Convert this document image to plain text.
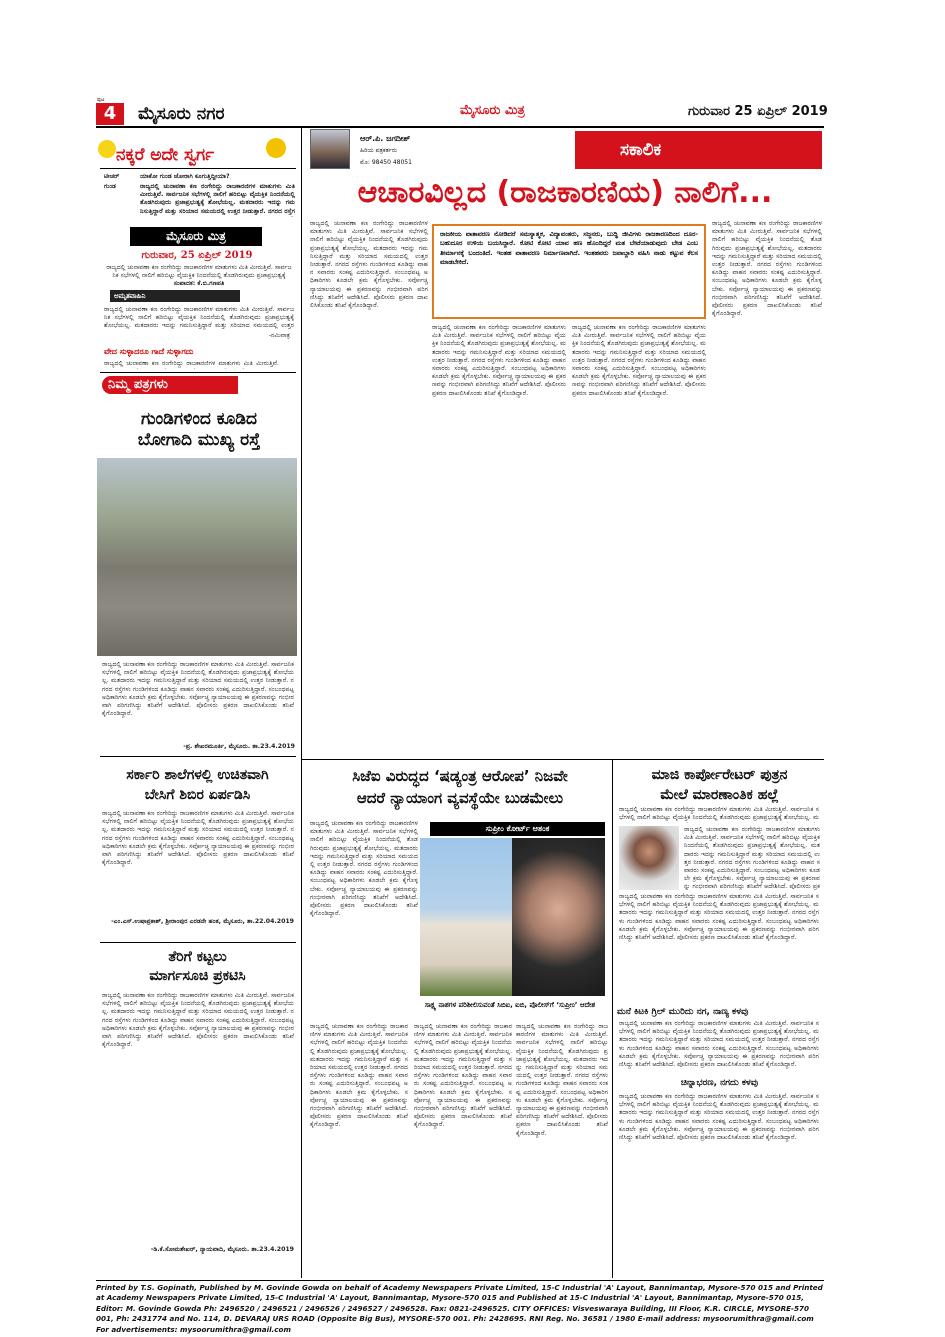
4
ಪುಟ
ಮೈಸೂರು ನಗರ	ಮೈಸೂರು ಮಿತ್ರ	ಗುರುವಾರ 25 ಏಪ್ರಿಲ್ 2019
ನಕ್ಕರೆ ಅದೇ ಸ್ವರ್ಗ
ಟೀಚರ್	ಯಾಕೋ ಗುಂಡ ಜೋರಾಗಿ ಕೂಗುತ್ತಿದ್ದೀಯಾ?
ಗುಂಡ	ರಾಜ್ಯದಲ್ಲಿ ಚುನಾವಣಾ ಕಣ ರಂಗೇರಿದ್ದು ರಾಜಕಾರಣಿಗಳ ಮಾತುಗಳು ಮಿತಿ ಮೀರುತ್ತಿವೆ. ಸಾರ್ವಜನಿಕ ಸಭೆಗಳಲ್ಲಿ ನಾಲಿಗೆ ಹರಿಬಿಟ್ಟು ವೈಯಕ್ತಿಕ ನಿಂದನೆಯಲ್ಲಿ ತೊಡಗಿರುವುದು ಪ್ರಜಾಪ್ರಭುತ್ವಕ್ಕೆ ಶೋಭೆಯಲ್ಲ. ಮತದಾರರು ಇದನ್ನು ಗಮನಿಸುತ್ತಿದ್ದಾರೆ ಮತ್ತು ಸರಿಯಾದ ಸಮಯದಲ್ಲಿ ಉತ್ತರ ನೀಡುತ್ತಾರೆ. ನಗರದ ರಸ್ತೆಗ
ಮೈಸೂರು ಮಿತ್ರ
ಗುರುವಾರ, 25 ಏಪ್ರಿಲ್ 2019
ರಾಜ್ಯದಲ್ಲಿ ಚುನಾವಣಾ ಕಣ ರಂಗೇರಿದ್ದು ರಾಜಕಾರಣಿಗಳ ಮಾತುಗಳು ಮಿತಿ ಮೀರುತ್ತಿವೆ. ಸಾರ್ವಜನಿಕ ಸಭೆಗಳಲ್ಲಿ ನಾಲಿಗೆ ಹರಿಬಿಟ್ಟು ವೈಯಕ್ತಿಕ ನಿಂದನೆಯಲ್ಲಿ ತೊಡಗಿರುವುದು ಪ್ರಜಾಪ್ರಭುತ್ವಕ್ಕೆ
ಸಂಪಾದಕ: ಕೆ.ಬಿ.ಗಣಪತಿ
ಅಮೃತವಾಹಿನಿ
ರಾಜ್ಯದಲ್ಲಿ ಚುನಾವಣಾ ಕಣ ರಂಗೇರಿದ್ದು ರಾಜಕಾರಣಿಗಳ ಮಾತುಗಳು ಮಿತಿ ಮೀರುತ್ತಿವೆ. ಸಾರ್ವಜನಿಕ ಸಭೆಗಳಲ್ಲಿ ನಾಲಿಗೆ ಹರಿಬಿಟ್ಟು ವೈಯಕ್ತಿಕ ನಿಂದನೆಯಲ್ಲಿ ತೊಡಗಿರುವುದು ಪ್ರಜಾಪ್ರಭುತ್ವಕ್ಕೆ ಶೋಭೆಯಲ್ಲ. ಮತದಾರರು ಇದನ್ನು ಗಮನಿಸುತ್ತಿದ್ದಾರೆ ಮತ್ತು ಸರಿಯಾದ ಸಮಯದಲ್ಲಿ ಉತ್ತರ
-ನಮಿವಾತ್ರ
ವೇದ ಸುಳ್ಳಾದರೂ ಗಾದೆ ಸುಳ್ಳಾಗದು
ರಾಜ್ಯದಲ್ಲಿ ಚುನಾವಣಾ ಕಣ ರಂಗೇರಿದ್ದು ರಾಜಕಾರಣಿಗಳ ಮಾತುಗಳು ಮಿತಿ ಮೀರುತ್ತಿವೆ.
ನಿಮ್ಮ ಪತ್ರಗಳು
ಗುಂಡಿಗಳಿಂದ ಕೂಡಿದ
ಬೋಗಾದಿ ಮುಖ್ಯ ರಸ್ತೆ
ರಾಜ್ಯದಲ್ಲಿ ಚುನಾವಣಾ ಕಣ ರಂಗೇರಿದ್ದು ರಾಜಕಾರಣಿಗಳ ಮಾತುಗಳು ಮಿತಿ ಮೀರುತ್ತಿವೆ. ಸಾರ್ವಜನಿಕ ಸಭೆಗಳಲ್ಲಿ ನಾಲಿಗೆ ಹರಿಬಿಟ್ಟು ವೈಯಕ್ತಿಕ ನಿಂದನೆಯಲ್ಲಿ ತೊಡಗಿರುವುದು ಪ್ರಜಾಪ್ರಭುತ್ವಕ್ಕೆ ಶೋಭೆಯಲ್ಲ. ಮತದಾರರು ಇದನ್ನು ಗಮನಿಸುತ್ತಿದ್ದಾರೆ ಮತ್ತು ಸರಿಯಾದ ಸಮಯದಲ್ಲಿ ಉತ್ತರ ನೀಡುತ್ತಾರೆ. ನಗರದ ರಸ್ತೆಗಳು ಗುಂಡಿಗಳಿಂದ ಕೂಡಿದ್ದು ವಾಹನ ಸವಾರರು ಸಂಕಷ್ಟ ಎದುರಿಸುತ್ತಿದ್ದಾರೆ. ಸಂಬಂಧಪಟ್ಟ ಅಧಿಕಾರಿಗಳು ಕೂಡಲೇ ಕ್ರಮ ಕೈಗೊಳ್ಳಬೇಕು. ಸರ್ವೋಚ್ಚ ನ್ಯಾಯಾಲಯವು ಈ ಪ್ರಕರಣವನ್ನು ಗಂಭೀರವಾಗಿ ಪರಿಗಣಿಸಿದ್ದು ತನಿಖೆಗೆ ಆದೇಶಿಸಿದೆ. ಪೊಲೀಸರು ಪ್ರಕರಣ ದಾಖಲಿಸಿಕೊಂಡು ತನಿಖೆ ಕೈಗೊಂಡಿದ್ದಾರೆ.
-ಪ್ರ. ಶೇಖರಮೂರ್ತಿ, ಮೈಸೂರು. ತಾ.23.4.2019
ಸರ್ಕಾರಿ ಶಾಲೆಗಳಲ್ಲಿ ಉಚಿತವಾಗಿ
ಬೇಸಿಗೆ ಶಿಬಿರ ಏರ್ಪಡಿಸಿ
ರಾಜ್ಯದಲ್ಲಿ ಚುನಾವಣಾ ಕಣ ರಂಗೇರಿದ್ದು ರಾಜಕಾರಣಿಗಳ ಮಾತುಗಳು ಮಿತಿ ಮೀರುತ್ತಿವೆ. ಸಾರ್ವಜನಿಕ ಸಭೆಗಳಲ್ಲಿ ನಾಲಿಗೆ ಹರಿಬಿಟ್ಟು ವೈಯಕ್ತಿಕ ನಿಂದನೆಯಲ್ಲಿ ತೊಡಗಿರುವುದು ಪ್ರಜಾಪ್ರಭುತ್ವಕ್ಕೆ ಶೋಭೆಯಲ್ಲ. ಮತದಾರರು ಇದನ್ನು ಗಮನಿಸುತ್ತಿದ್ದಾರೆ ಮತ್ತು ಸರಿಯಾದ ಸಮಯದಲ್ಲಿ ಉತ್ತರ ನೀಡುತ್ತಾರೆ. ನಗರದ ರಸ್ತೆಗಳು ಗುಂಡಿಗಳಿಂದ ಕೂಡಿದ್ದು ವಾಹನ ಸವಾರರು ಸಂಕಷ್ಟ ಎದುರಿಸುತ್ತಿದ್ದಾರೆ. ಸಂಬಂಧಪಟ್ಟ ಅಧಿಕಾರಿಗಳು ಕೂಡಲೇ ಕ್ರಮ ಕೈಗೊಳ್ಳಬೇಕು. ಸರ್ವೋಚ್ಚ ನ್ಯಾಯಾಲಯವು ಈ ಪ್ರಕರಣವನ್ನು ಗಂಭೀರವಾಗಿ ಪರಿಗಣಿಸಿದ್ದು ತನಿಖೆಗೆ ಆದೇಶಿಸಿದೆ. ಪೊಲೀಸರು ಪ್ರಕರಣ ದಾಖಲಿಸಿಕೊಂಡು ತನಿಖೆ ಕೈಗೊಂಡಿದ್ದಾರೆ.
-ಎಂ.ಎಸ್.ಉಷಾಪ್ರಕಾಶ್, ಶ್ರೀರಾಂಪುರ ಎರಡನೇ ಹಂತ, ಮೈಸೂರು, ತಾ.22.04.2019
ತೆರಿಗೆ ಕಟ್ಟಲು
ಮಾರ್ಗಸೂಚಿ ಪ್ರಕಟಿಸಿ
ರಾಜ್ಯದಲ್ಲಿ ಚುನಾವಣಾ ಕಣ ರಂಗೇರಿದ್ದು ರಾಜಕಾರಣಿಗಳ ಮಾತುಗಳು ಮಿತಿ ಮೀರುತ್ತಿವೆ. ಸಾರ್ವಜನಿಕ ಸಭೆಗಳಲ್ಲಿ ನಾಲಿಗೆ ಹರಿಬಿಟ್ಟು ವೈಯಕ್ತಿಕ ನಿಂದನೆಯಲ್ಲಿ ತೊಡಗಿರುವುದು ಪ್ರಜಾಪ್ರಭುತ್ವಕ್ಕೆ ಶೋಭೆಯಲ್ಲ. ಮತದಾರರು ಇದನ್ನು ಗಮನಿಸುತ್ತಿದ್ದಾರೆ ಮತ್ತು ಸರಿಯಾದ ಸಮಯದಲ್ಲಿ ಉತ್ತರ ನೀಡುತ್ತಾರೆ. ನಗರದ ರಸ್ತೆಗಳು ಗುಂಡಿಗಳಿಂದ ಕೂಡಿದ್ದು ವಾಹನ ಸವಾರರು ಸಂಕಷ್ಟ ಎದುರಿಸುತ್ತಿದ್ದಾರೆ. ಸಂಬಂಧಪಟ್ಟ ಅಧಿಕಾರಿಗಳು ಕೂಡಲೇ ಕ್ರಮ ಕೈಗೊಳ್ಳಬೇಕು. ಸರ್ವೋಚ್ಚ ನ್ಯಾಯಾಲಯವು ಈ ಪ್ರಕರಣವನ್ನು ಗಂಭೀರವಾಗಿ ಪರಿಗಣಿಸಿದ್ದು ತನಿಖೆಗೆ ಆದೇಶಿಸಿದೆ. ಪೊಲೀಸರು ಪ್ರಕರಣ ದಾಖಲಿಸಿಕೊಂಡು ತನಿಖೆ ಕೈಗೊಂಡಿದ್ದಾರೆ.
-ಡಿ.ಕೆ.ಸೋಮಶೇಖರ್, ನ್ಯಾಯವಾದಿ, ಮೈಸೂರು. ತಾ.23.4.2019
ಆರ್.ಪಿ. ಜಗದೀಶ್
ಹಿರಿಯ ಪತ್ರಕರ್ತರು
ಮೊ: 98450 48051
ಸಕಾಲಿಕ
ಆಚಾರವಿಲ್ಲದ (ರಾಜಕಾರಣಿಯ) ನಾಲಿಗೆ...
ರಾಜ್ಯದಲ್ಲಿ ಚುನಾವಣಾ ಕಣ ರಂಗೇರಿದ್ದು ರಾಜಕಾರಣಿಗಳ ಮಾತುಗಳು ಮಿತಿ ಮೀರುತ್ತಿವೆ. ಸಾರ್ವಜನಿಕ ಸಭೆಗಳಲ್ಲಿ ನಾಲಿಗೆ ಹರಿಬಿಟ್ಟು ವೈಯಕ್ತಿಕ ನಿಂದನೆಯಲ್ಲಿ ತೊಡಗಿರುವುದು ಪ್ರಜಾಪ್ರಭುತ್ವಕ್ಕೆ ಶೋಭೆಯಲ್ಲ. ಮತದಾರರು ಇದನ್ನು ಗಮನಿಸುತ್ತಿದ್ದಾರೆ ಮತ್ತು ಸರಿಯಾದ ಸಮಯದಲ್ಲಿ ಉತ್ತರ ನೀಡುತ್ತಾರೆ. ನಗರದ ರಸ್ತೆಗಳು ಗುಂಡಿಗಳಿಂದ ಕೂಡಿದ್ದು ವಾಹನ ಸವಾರರು ಸಂಕಷ್ಟ ಎದುರಿಸುತ್ತಿದ್ದಾರೆ. ಸಂಬಂಧಪಟ್ಟ ಅಧಿಕಾರಿಗಳು ಕೂಡಲೇ ಕ್ರಮ ಕೈಗೊಳ್ಳಬೇಕು. ಸರ್ವೋಚ್ಚ ನ್ಯಾಯಾಲಯವು ಈ ಪ್ರಕರಣವನ್ನು ಗಂಭೀರವಾಗಿ ಪರಿಗಣಿಸಿದ್ದು ತನಿಖೆಗೆ ಆದೇಶಿಸಿದೆ. ಪೊಲೀಸರು ಪ್ರಕರಣ ದಾಖಲಿಸಿಕೊಂಡು ತನಿಖೆ ಕೈಗೊಂಡಿದ್ದಾರೆ.
ರಾಜಕೀಯ ವಾತಾವರಣ ನೋಡಿದರೆ ಸಮಸ್ಯಾತ್ಮಕ, ವಿದ್ಯಾವಂತರು, ಸಜ್ಜನರು, ಬುದ್ಧಿ ಜೀವಿಗಳು ರಾಜಕಾರಣದಿಂದ ದೂರ-ಬಹುದೂರ ಉಳಿಯ ಬಯಸಿದ್ದಾರೆ. ಕೋಟಿ ಕೋಟಿ ಯಾವ ಹಣ ಹೊಂದಿದ್ದರೆ ಮತ ಬೇಟೆಯಾಡುವುದು ಬೇಡ ಎಂಬ ತೀರ್ಮಾನಕ್ಕೆ ಬಂದಂತಿದೆ. ಇಂತಹ ವಾತಾವರಣ ನಿರ್ಮಾಣವಾಗಿದೆ. ಇಂತಹವರು ಜವಾಬ್ದಾರಿ ವಹಿಸಿ ನಾಡು ಕಟ್ಟುವ ಕೆಲಸ ಮಾಡಬೇಕಿದೆ.
ರಾಜ್ಯದಲ್ಲಿ ಚುನಾವಣಾ ಕಣ ರಂಗೇರಿದ್ದು ರಾಜಕಾರಣಿಗಳ ಮಾತುಗಳು ಮಿತಿ ಮೀರುತ್ತಿವೆ. ಸಾರ್ವಜನಿಕ ಸಭೆಗಳಲ್ಲಿ ನಾಲಿಗೆ ಹರಿಬಿಟ್ಟು ವೈಯಕ್ತಿಕ ನಿಂದನೆಯಲ್ಲಿ ತೊಡಗಿರುವುದು ಪ್ರಜಾಪ್ರಭುತ್ವಕ್ಕೆ ಶೋಭೆಯಲ್ಲ. ಮತದಾರರು ಇದನ್ನು ಗಮನಿಸುತ್ತಿದ್ದಾರೆ ಮತ್ತು ಸರಿಯಾದ ಸಮಯದಲ್ಲಿ ಉತ್ತರ ನೀಡುತ್ತಾರೆ. ನಗರದ ರಸ್ತೆಗಳು ಗುಂಡಿಗಳಿಂದ ಕೂಡಿದ್ದು ವಾಹನ ಸವಾರರು ಸಂಕಷ್ಟ ಎದುರಿಸುತ್ತಿದ್ದಾರೆ. ಸಂಬಂಧಪಟ್ಟ ಅಧಿಕಾರಿಗಳು ಕೂಡಲೇ ಕ್ರಮ ಕೈಗೊಳ್ಳಬೇಕು. ಸರ್ವೋಚ್ಚ ನ್ಯಾಯಾಲಯವು ಈ ಪ್ರಕರಣವನ್ನು ಗಂಭೀರವಾಗಿ ಪರಿಗಣಿಸಿದ್ದು ತನಿಖೆಗೆ ಆದೇಶಿಸಿದೆ. ಪೊಲೀಸರು ಪ್ರಕರಣ ದಾಖಲಿಸಿಕೊಂಡು ತನಿಖೆ ಕೈಗೊಂಡಿದ್ದಾರೆ.
ರಾಜ್ಯದಲ್ಲಿ ಚುನಾವಣಾ ಕಣ ರಂಗೇರಿದ್ದು ರಾಜಕಾರಣಿಗಳ ಮಾತುಗಳು ಮಿತಿ ಮೀರುತ್ತಿವೆ. ಸಾರ್ವಜನಿಕ ಸಭೆಗಳಲ್ಲಿ ನಾಲಿಗೆ ಹರಿಬಿಟ್ಟು ವೈಯಕ್ತಿಕ ನಿಂದನೆಯಲ್ಲಿ ತೊಡಗಿರುವುದು ಪ್ರಜಾಪ್ರಭುತ್ವಕ್ಕೆ ಶೋಭೆಯಲ್ಲ. ಮತದಾರರು ಇದನ್ನು ಗಮನಿಸುತ್ತಿದ್ದಾರೆ ಮತ್ತು ಸರಿಯಾದ ಸಮಯದಲ್ಲಿ ಉತ್ತರ ನೀಡುತ್ತಾರೆ. ನಗರದ ರಸ್ತೆಗಳು ಗುಂಡಿಗಳಿಂದ ಕೂಡಿದ್ದು ವಾಹನ ಸವಾರರು ಸಂಕಷ್ಟ ಎದುರಿಸುತ್ತಿದ್ದಾರೆ. ಸಂಬಂಧಪಟ್ಟ ಅಧಿಕಾರಿಗಳು ಕೂಡಲೇ ಕ್ರಮ ಕೈಗೊಳ್ಳಬೇಕು. ಸರ್ವೋಚ್ಚ ನ್ಯಾಯಾಲಯವು ಈ ಪ್ರಕರಣವನ್ನು ಗಂಭೀರವಾಗಿ ಪರಿಗಣಿಸಿದ್ದು ತನಿಖೆಗೆ ಆದೇಶಿಸಿದೆ. ಪೊಲೀಸರು ಪ್ರಕರಣ ದಾಖಲಿಸಿಕೊಂಡು ತನಿಖೆ ಕೈಗೊಂಡಿದ್ದಾರೆ.
ರಾಜ್ಯದಲ್ಲಿ ಚುನಾವಣಾ ಕಣ ರಂಗೇರಿದ್ದು ರಾಜಕಾರಣಿಗಳ ಮಾತುಗಳು ಮಿತಿ ಮೀರುತ್ತಿವೆ. ಸಾರ್ವಜನಿಕ ಸಭೆಗಳಲ್ಲಿ ನಾಲಿಗೆ ಹರಿಬಿಟ್ಟು ವೈಯಕ್ತಿಕ ನಿಂದನೆಯಲ್ಲಿ ತೊಡಗಿರುವುದು ಪ್ರಜಾಪ್ರಭುತ್ವಕ್ಕೆ ಶೋಭೆಯಲ್ಲ. ಮತದಾರರು ಇದನ್ನು ಗಮನಿಸುತ್ತಿದ್ದಾರೆ ಮತ್ತು ಸರಿಯಾದ ಸಮಯದಲ್ಲಿ ಉತ್ತರ ನೀಡುತ್ತಾರೆ. ನಗರದ ರಸ್ತೆಗಳು ಗುಂಡಿಗಳಿಂದ ಕೂಡಿದ್ದು ವಾಹನ ಸವಾರರು ಸಂಕಷ್ಟ ಎದುರಿಸುತ್ತಿದ್ದಾರೆ. ಸಂಬಂಧಪಟ್ಟ ಅಧಿಕಾರಿಗಳು ಕೂಡಲೇ ಕ್ರಮ ಕೈಗೊಳ್ಳಬೇಕು. ಸರ್ವೋಚ್ಚ ನ್ಯಾಯಾಲಯವು ಈ ಪ್ರಕರಣವನ್ನು ಗಂಭೀರವಾಗಿ ಪರಿಗಣಿಸಿದ್ದು ತನಿಖೆಗೆ ಆದೇಶಿಸಿದೆ. ಪೊಲೀಸರು ಪ್ರಕರಣ ದಾಖಲಿಸಿಕೊಂಡು ತನಿಖೆ ಕೈಗೊಂಡಿದ್ದಾರೆ.
ಸಿಜೆಐ ವಿರುದ್ಧದ ‘ಷಡ್ಯಂತ್ರ ಆರೋಪ’ ನಿಜವೇ
ಆದರೆ ನ್ಯಾಯಾಂಗ ವ್ಯವಸ್ಥೆಯೇ ಬುಡಮೇಲು
ರಾಜ್ಯದಲ್ಲಿ ಚುನಾವಣಾ ಕಣ ರಂಗೇರಿದ್ದು ರಾಜಕಾರಣಿಗಳ ಮಾತುಗಳು ಮಿತಿ ಮೀರುತ್ತಿವೆ. ಸಾರ್ವಜನಿಕ ಸಭೆಗಳಲ್ಲಿ ನಾಲಿಗೆ ಹರಿಬಿಟ್ಟು ವೈಯಕ್ತಿಕ ನಿಂದನೆಯಲ್ಲಿ ತೊಡಗಿರುವುದು ಪ್ರಜಾಪ್ರಭುತ್ವಕ್ಕೆ ಶೋಭೆಯಲ್ಲ. ಮತದಾರರು ಇದನ್ನು ಗಮನಿಸುತ್ತಿದ್ದಾರೆ ಮತ್ತು ಸರಿಯಾದ ಸಮಯದಲ್ಲಿ ಉತ್ತರ ನೀಡುತ್ತಾರೆ. ನಗರದ ರಸ್ತೆಗಳು ಗುಂಡಿಗಳಿಂದ ಕೂಡಿದ್ದು ವಾಹನ ಸವಾರರು ಸಂಕಷ್ಟ ಎದುರಿಸುತ್ತಿದ್ದಾರೆ. ಸಂಬಂಧಪಟ್ಟ ಅಧಿಕಾರಿಗಳು ಕೂಡಲೇ ಕ್ರಮ ಕೈಗೊಳ್ಳಬೇಕು. ಸರ್ವೋಚ್ಚ ನ್ಯಾಯಾಲಯವು ಈ ಪ್ರಕರಣವನ್ನು ಗಂಭೀರವಾಗಿ ಪರಿಗಣಿಸಿದ್ದು ತನಿಖೆಗೆ ಆದೇಶಿಸಿದೆ. ಪೊಲೀಸರು ಪ್ರಕರಣ ದಾಖಲಿಸಿಕೊಂಡು ತನಿಖೆ ಕೈಗೊಂಡಿದ್ದಾರೆ.
ಸುಪ್ರೀಂ ಕೋರ್ಟ್ ಆತಂಕ
ಸಾಕ್ಷ್ಯ ನಾಶಗಳ ಪರಿಶೀಲಿಸುವಂತೆ ಸಿಬಿಐ, ಐಬಿ, ಪೊಲೀಸ್‌ಗೆ ‘ಸುಪ್ರೀಂ’ ಆದೇಶ
ರಾಜ್ಯದಲ್ಲಿ ಚುನಾವಣಾ ಕಣ ರಂಗೇರಿದ್ದು ರಾಜಕಾರಣಿಗಳ ಮಾತುಗಳು ಮಿತಿ ಮೀರುತ್ತಿವೆ. ಸಾರ್ವಜನಿಕ ಸಭೆಗಳಲ್ಲಿ ನಾಲಿಗೆ ಹರಿಬಿಟ್ಟು ವೈಯಕ್ತಿಕ ನಿಂದನೆಯಲ್ಲಿ ತೊಡಗಿರುವುದು ಪ್ರಜಾಪ್ರಭುತ್ವಕ್ಕೆ ಶೋಭೆಯಲ್ಲ. ಮತದಾರರು ಇದನ್ನು ಗಮನಿಸುತ್ತಿದ್ದಾರೆ ಮತ್ತು ಸರಿಯಾದ ಸಮಯದಲ್ಲಿ ಉತ್ತರ ನೀಡುತ್ತಾರೆ. ನಗರದ ರಸ್ತೆಗಳು ಗುಂಡಿಗಳಿಂದ ಕೂಡಿದ್ದು ವಾಹನ ಸವಾರರು ಸಂಕಷ್ಟ ಎದುರಿಸುತ್ತಿದ್ದಾರೆ. ಸಂಬಂಧಪಟ್ಟ ಅಧಿಕಾರಿಗಳು ಕೂಡಲೇ ಕ್ರಮ ಕೈಗೊಳ್ಳಬೇಕು. ಸರ್ವೋಚ್ಚ ನ್ಯಾಯಾಲಯವು ಈ ಪ್ರಕರಣವನ್ನು ಗಂಭೀರವಾಗಿ ಪರಿಗಣಿಸಿದ್ದು ತನಿಖೆಗೆ ಆದೇಶಿಸಿದೆ. ಪೊಲೀಸರು ಪ್ರಕರಣ ದಾಖಲಿಸಿಕೊಂಡು ತನಿಖೆ ಕೈಗೊಂಡಿದ್ದಾರೆ.
ರಾಜ್ಯದಲ್ಲಿ ಚುನಾವಣಾ ಕಣ ರಂಗೇರಿದ್ದು ರಾಜಕಾರಣಿಗಳ ಮಾತುಗಳು ಮಿತಿ ಮೀರುತ್ತಿವೆ. ಸಾರ್ವಜನಿಕ ಸಭೆಗಳಲ್ಲಿ ನಾಲಿಗೆ ಹರಿಬಿಟ್ಟು ವೈಯಕ್ತಿಕ ನಿಂದನೆಯಲ್ಲಿ ತೊಡಗಿರುವುದು ಪ್ರಜಾಪ್ರಭುತ್ವಕ್ಕೆ ಶೋಭೆಯಲ್ಲ. ಮತದಾರರು ಇದನ್ನು ಗಮನಿಸುತ್ತಿದ್ದಾರೆ ಮತ್ತು ಸರಿಯಾದ ಸಮಯದಲ್ಲಿ ಉತ್ತರ ನೀಡುತ್ತಾರೆ. ನಗರದ ರಸ್ತೆಗಳು ಗುಂಡಿಗಳಿಂದ ಕೂಡಿದ್ದು ವಾಹನ ಸವಾರರು ಸಂಕಷ್ಟ ಎದುರಿಸುತ್ತಿದ್ದಾರೆ. ಸಂಬಂಧಪಟ್ಟ ಅಧಿಕಾರಿಗಳು ಕೂಡಲೇ ಕ್ರಮ ಕೈಗೊಳ್ಳಬೇಕು. ಸರ್ವೋಚ್ಚ ನ್ಯಾಯಾಲಯವು ಈ ಪ್ರಕರಣವನ್ನು ಗಂಭೀರವಾಗಿ ಪರಿಗಣಿಸಿದ್ದು ತನಿಖೆಗೆ ಆದೇಶಿಸಿದೆ. ಪೊಲೀಸರು ಪ್ರಕರಣ ದಾಖಲಿಸಿಕೊಂಡು ತನಿಖೆ ಕೈಗೊಂಡಿದ್ದಾರೆ.
ರಾಜ್ಯದಲ್ಲಿ ಚುನಾವಣಾ ಕಣ ರಂಗೇರಿದ್ದು ರಾಜಕಾರಣಿಗಳ ಮಾತುಗಳು ಮಿತಿ ಮೀರುತ್ತಿವೆ. ಸಾರ್ವಜನಿಕ ಸಭೆಗಳಲ್ಲಿ ನಾಲಿಗೆ ಹರಿಬಿಟ್ಟು ವೈಯಕ್ತಿಕ ನಿಂದನೆಯಲ್ಲಿ ತೊಡಗಿರುವುದು ಪ್ರಜಾಪ್ರಭುತ್ವಕ್ಕೆ ಶೋಭೆಯಲ್ಲ. ಮತದಾರರು ಇದನ್ನು ಗಮನಿಸುತ್ತಿದ್ದಾರೆ ಮತ್ತು ಸರಿಯಾದ ಸಮಯದಲ್ಲಿ ಉತ್ತರ ನೀಡುತ್ತಾರೆ. ನಗರದ ರಸ್ತೆಗಳು ಗುಂಡಿಗಳಿಂದ ಕೂಡಿದ್ದು ವಾಹನ ಸವಾರರು ಸಂಕಷ್ಟ ಎದುರಿಸುತ್ತಿದ್ದಾರೆ. ಸಂಬಂಧಪಟ್ಟ ಅಧಿಕಾರಿಗಳು ಕೂಡಲೇ ಕ್ರಮ ಕೈಗೊಳ್ಳಬೇಕು. ಸರ್ವೋಚ್ಚ ನ್ಯಾಯಾಲಯವು ಈ ಪ್ರಕರಣವನ್ನು ಗಂಭೀರವಾಗಿ ಪರಿಗಣಿಸಿದ್ದು ತನಿಖೆಗೆ ಆದೇಶಿಸಿದೆ. ಪೊಲೀಸರು ಪ್ರಕರಣ ದಾಖಲಿಸಿಕೊಂಡು ತನಿಖೆ ಕೈಗೊಂಡಿದ್ದಾರೆ.
ಮಾಜಿ ಕಾರ್ಪೋರೇಟರ್ ಪುತ್ರನ
ಮೇಲೆ ಮಾರಣಾಂತಿಕ ಹಲ್ಲೆ
ರಾಜ್ಯದಲ್ಲಿ ಚುನಾವಣಾ ಕಣ ರಂಗೇರಿದ್ದು ರಾಜಕಾರಣಿಗಳ ಮಾತುಗಳು ಮಿತಿ ಮೀರುತ್ತಿವೆ. ಸಾರ್ವಜನಿಕ ಸಭೆಗಳಲ್ಲಿ ನಾಲಿಗೆ ಹರಿಬಿಟ್ಟು ವೈಯಕ್ತಿಕ ನಿಂದನೆಯಲ್ಲಿ ತೊಡಗಿರುವುದು ಪ್ರಜಾಪ್ರಭುತ್ವಕ್ಕೆ ಶೋಭೆಯಲ್ಲ. ಮ
ರಾಜ್ಯದಲ್ಲಿ ಚುನಾವಣಾ ಕಣ ರಂಗೇರಿದ್ದು ರಾಜಕಾರಣಿಗಳ ಮಾತುಗಳು ಮಿತಿ ಮೀರುತ್ತಿವೆ. ಸಾರ್ವಜನಿಕ ಸಭೆಗಳಲ್ಲಿ ನಾಲಿಗೆ ಹರಿಬಿಟ್ಟು ವೈಯಕ್ತಿಕ ನಿಂದನೆಯಲ್ಲಿ ತೊಡಗಿರುವುದು ಪ್ರಜಾಪ್ರಭುತ್ವಕ್ಕೆ ಶೋಭೆಯಲ್ಲ. ಮತದಾರರು ಇದನ್ನು ಗಮನಿಸುತ್ತಿದ್ದಾರೆ ಮತ್ತು ಸರಿಯಾದ ಸಮಯದಲ್ಲಿ ಉತ್ತರ ನೀಡುತ್ತಾರೆ. ನಗರದ ರಸ್ತೆಗಳು ಗುಂಡಿಗಳಿಂದ ಕೂಡಿದ್ದು ವಾಹನ ಸವಾರರು ಸಂಕಷ್ಟ ಎದುರಿಸುತ್ತಿದ್ದಾರೆ. ಸಂಬಂಧಪಟ್ಟ ಅಧಿಕಾರಿಗಳು ಕೂಡಲೇ ಕ್ರಮ ಕೈಗೊಳ್ಳಬೇಕು. ಸರ್ವೋಚ್ಚ ನ್ಯಾಯಾಲಯವು ಈ ಪ್ರಕರಣವನ್ನು ಗಂಭೀರವಾಗಿ ಪರಿಗಣಿಸಿದ್ದು ತನಿಖೆಗೆ ಆದೇಶಿಸಿದೆ. ಪೊಲೀಸರು ಪ್ರಕ
ರಾಜ್ಯದಲ್ಲಿ ಚುನಾವಣಾ ಕಣ ರಂಗೇರಿದ್ದು ರಾಜಕಾರಣಿಗಳ ಮಾತುಗಳು ಮಿತಿ ಮೀರುತ್ತಿವೆ. ಸಾರ್ವಜನಿಕ ಸಭೆಗಳಲ್ಲಿ ನಾಲಿಗೆ ಹರಿಬಿಟ್ಟು ವೈಯಕ್ತಿಕ ನಿಂದನೆಯಲ್ಲಿ ತೊಡಗಿರುವುದು ಪ್ರಜಾಪ್ರಭುತ್ವಕ್ಕೆ ಶೋಭೆಯಲ್ಲ. ಮತದಾರರು ಇದನ್ನು ಗಮನಿಸುತ್ತಿದ್ದಾರೆ ಮತ್ತು ಸರಿಯಾದ ಸಮಯದಲ್ಲಿ ಉತ್ತರ ನೀಡುತ್ತಾರೆ. ನಗರದ ರಸ್ತೆಗಳು ಗುಂಡಿಗಳಿಂದ ಕೂಡಿದ್ದು ವಾಹನ ಸವಾರರು ಸಂಕಷ್ಟ ಎದುರಿಸುತ್ತಿದ್ದಾರೆ. ಸಂಬಂಧಪಟ್ಟ ಅಧಿಕಾರಿಗಳು ಕೂಡಲೇ ಕ್ರಮ ಕೈಗೊಳ್ಳಬೇಕು. ಸರ್ವೋಚ್ಚ ನ್ಯಾಯಾಲಯವು ಈ ಪ್ರಕರಣವನ್ನು ಗಂಭೀರವಾಗಿ ಪರಿಗಣಿಸಿದ್ದು ತನಿಖೆಗೆ ಆದೇಶಿಸಿದೆ. ಪೊಲೀಸರು ಪ್ರಕರಣ ದಾಖಲಿಸಿಕೊಂಡು ತನಿಖೆ ಕೈಗೊಂಡಿದ್ದಾರೆ.
ಮನೆ ಕಿಟಕಿ ಗ್ರಿಲ್ ಮುರಿದು ನಗ, ನಾಣ್ಯ ಕಳವು
ರಾಜ್ಯದಲ್ಲಿ ಚುನಾವಣಾ ಕಣ ರಂಗೇರಿದ್ದು ರಾಜಕಾರಣಿಗಳ ಮಾತುಗಳು ಮಿತಿ ಮೀರುತ್ತಿವೆ. ಸಾರ್ವಜನಿಕ ಸಭೆಗಳಲ್ಲಿ ನಾಲಿಗೆ ಹರಿಬಿಟ್ಟು ವೈಯಕ್ತಿಕ ನಿಂದನೆಯಲ್ಲಿ ತೊಡಗಿರುವುದು ಪ್ರಜಾಪ್ರಭುತ್ವಕ್ಕೆ ಶೋಭೆಯಲ್ಲ. ಮತದಾರರು ಇದನ್ನು ಗಮನಿಸುತ್ತಿದ್ದಾರೆ ಮತ್ತು ಸರಿಯಾದ ಸಮಯದಲ್ಲಿ ಉತ್ತರ ನೀಡುತ್ತಾರೆ. ನಗರದ ರಸ್ತೆಗಳು ಗುಂಡಿಗಳಿಂದ ಕೂಡಿದ್ದು ವಾಹನ ಸವಾರರು ಸಂಕಷ್ಟ ಎದುರಿಸುತ್ತಿದ್ದಾರೆ. ಸಂಬಂಧಪಟ್ಟ ಅಧಿಕಾರಿಗಳು ಕೂಡಲೇ ಕ್ರಮ ಕೈಗೊಳ್ಳಬೇಕು. ಸರ್ವೋಚ್ಚ ನ್ಯಾಯಾಲಯವು ಈ ಪ್ರಕರಣವನ್ನು ಗಂಭೀರವಾಗಿ ಪರಿಗಣಿಸಿದ್ದು ತನಿಖೆಗೆ ಆದೇಶಿಸಿದೆ. ಪೊಲೀಸರು ಪ್ರಕರಣ ದಾಖಲಿಸಿಕೊಂಡು ತನಿಖೆ ಕೈಗೊಂಡಿದ್ದಾರೆ.
ಚಿನ್ನಾಭರಣ, ನಗದು ಕಳವು
ರಾಜ್ಯದಲ್ಲಿ ಚುನಾವಣಾ ಕಣ ರಂಗೇರಿದ್ದು ರಾಜಕಾರಣಿಗಳ ಮಾತುಗಳು ಮಿತಿ ಮೀರುತ್ತಿವೆ. ಸಾರ್ವಜನಿಕ ಸಭೆಗಳಲ್ಲಿ ನಾಲಿಗೆ ಹರಿಬಿಟ್ಟು ವೈಯಕ್ತಿಕ ನಿಂದನೆಯಲ್ಲಿ ತೊಡಗಿರುವುದು ಪ್ರಜಾಪ್ರಭುತ್ವಕ್ಕೆ ಶೋಭೆಯಲ್ಲ. ಮತದಾರರು ಇದನ್ನು ಗಮನಿಸುತ್ತಿದ್ದಾರೆ ಮತ್ತು ಸರಿಯಾದ ಸಮಯದಲ್ಲಿ ಉತ್ತರ ನೀಡುತ್ತಾರೆ. ನಗರದ ರಸ್ತೆಗಳು ಗುಂಡಿಗಳಿಂದ ಕೂಡಿದ್ದು ವಾಹನ ಸವಾರರು ಸಂಕಷ್ಟ ಎದುರಿಸುತ್ತಿದ್ದಾರೆ. ಸಂಬಂಧಪಟ್ಟ ಅಧಿಕಾರಿಗಳು ಕೂಡಲೇ ಕ್ರಮ ಕೈಗೊಳ್ಳಬೇಕು. ಸರ್ವೋಚ್ಚ ನ್ಯಾಯಾಲಯವು ಈ ಪ್ರಕರಣವನ್ನು ಗಂಭೀರವಾಗಿ ಪರಿಗಣಿಸಿದ್ದು ತನಿಖೆಗೆ ಆದೇಶಿಸಿದೆ. ಪೊಲೀಸರು ಪ್ರಕರಣ ದಾಖಲಿಸಿಕೊಂಡು ತನಿಖೆ ಕೈಗೊಂಡಿದ್ದಾರೆ.
Printed by T.S. Gopinath, Published by M. Govinde Gowda on behalf of Academy Newspapers Private Limited, 15-C Industrial 'A' Layout, Bannimantap, Mysore-570 015 and Printed at Academy Newspapers Private Limited, 15-C Industrial 'A' Layout, Bannimantap, Mysore-570 015 and Published at 15-C Industrial 'A' Layout, Bannimantap, Mysore-570 015, Editor: M. Govinde Gowda Ph: 2496520 / 2496521 / 2496526 / 2496527 / 2496528. Fax: 0821-2496525. CITY OFFICES: Visveswaraya Building, III Floor, K.R. CIRCLE, MYSORE-570 001, Ph: 2431774 and No. 114, D. DEVARAJ URS ROAD (Opposite Big Bus), MYSORE-570 001. Ph: 2428695. RNI Reg. No. 36581 / 1980 E-mail address: mysoorumithra@gmail.com For advertisements: mysoorumithra@gmail.com
